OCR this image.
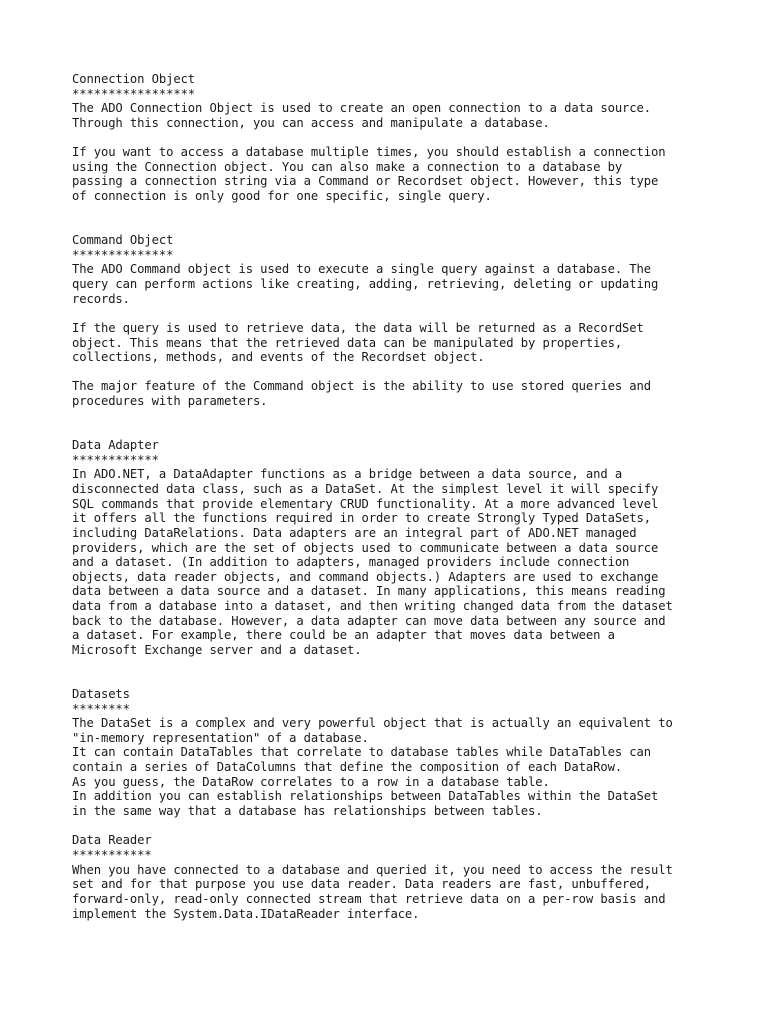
Connection Object
*****************
The ADO Connection Object is used to create an open connection to a data source.
Through this connection, you can access and manipulate a database.
If you want to access a database multiple times, you should establish a connection
using the Connection object. You can also make a connection to a database by
passing a connection string via a Command or Recordset object. However, this type
of connection is only good for one specific, single query.
Command Object
**************
The ADO Command object is used to execute a single query against a database. The
query can perform actions like creating, adding, retrieving, deleting or updating
records.
If the query is used to retrieve data, the data will be returned as a RecordSet
object. This means that the retrieved data can be manipulated by properties,
collections, methods, and events of the Recordset object.
The major feature of the Command object is the ability to use stored queries and
procedures with parameters.
Data Adapter
************
In ADO.NET, a DataAdapter functions as a bridge between a data source, and a
disconnected data class, such as a DataSet. At the simplest level it will specify
SQL commands that provide elementary CRUD functionality. At a more advanced level
it offers all the functions required in order to create Strongly Typed DataSets,
including DataRelations. Data adapters are an integral part of ADO.NET managed
providers, which are the set of objects used to communicate between a data source
and a dataset. (In addition to adapters, managed providers include connection
objects, data reader objects, and command objects.) Adapters are used to exchange
data between a data source and a dataset. In many applications, this means reading
data from a database into a dataset, and then writing changed data from the dataset
back to the database. However, a data adapter can move data between any source and
a dataset. For example, there could be an adapter that moves data between a
Microsoft Exchange server and a dataset.
Datasets
********
The DataSet is a complex and very powerful object that is actually an equivalent to
"in-memory representation" of a database.
It can contain DataTables that correlate to database tables while DataTables can
contain a series of DataColumns that define the composition of each DataRow.
As you guess, the DataRow correlates to a row in a database table.
In addition you can establish relationships between DataTables within the DataSet
in the same way that a database has relationships between tables.
Data Reader
***********
When you have connected to a database and queried it, you need to access the result
set and for that purpose you use data reader. Data readers are fast, unbuffered,
forward-only, read-only connected stream that retrieve data on a per-row basis and
implement the System.Data.IDataReader interface.
